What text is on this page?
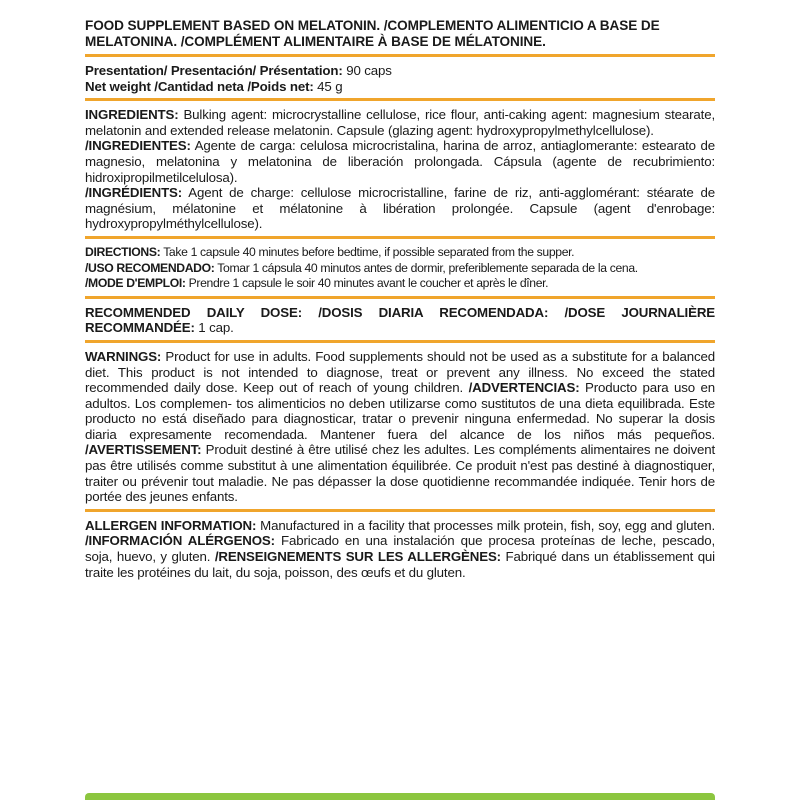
FOOD SUPPLEMENT BASED ON MELATONIN. /COMPLEMENTO ALIMENTICIO A BASE DE MELATONINA. /COMPLÉMENT ALIMENTAIRE À BASE DE MÉLATONINE.

Presentation/ Presentación/ Présentation: 90 caps

Net weight /Cantidad neta /Poids net: 45 g

INGREDIENTS: Bulking agent: microcrystalline cellulose, rice flour, anti-caking agent: magnesium stearate, melatonin and extended release melatonin. Capsule (glazing agent: hydroxypropylmethylcellulose).

/INGREDIENTES: Agente de carga: celulosa microcristalina, harina de arroz, antiaglomerante: estearato de magnesio, melatonina y melatonina de liberación prolongada. Cápsula (agente de recubrimiento: hidroxipropilmetilcelulosa).

/INGRÉDIENTS: Agent de charge: cellulose microcristalline, farine de riz, anti-agglomérant: stéarate de magnésium, mélatonine et mélatonine à libération prolongée. Capsule (agent d'enrobage: hydroxypropylméthylcellulose).

DIRECTIONS: Take 1 capsule 40 minutes before bedtime, if possible separated from the supper.

/USO RECOMENDADO: Tomar 1 cápsula 40 minutos antes de dormir, preferiblemente separada de la cena.

/MODE D'EMPLOI: Prendre 1 capsule le soir 40 minutes avant le coucher et après le dîner.

RECOMMENDED DAILY DOSE: /DOSIS DIARIA RECOMENDADA: /DOSE JOURNALIÈRE RECOMMANDÉE: 1 cap.

WARNINGS: Product for use in adults. Food supplements should not be used as a substitute for a balanced diet. This product is not intended to diagnose, treat or prevent any illness. No exceed the stated recommended daily dose. Keep out of reach of young children. /ADVERTENCIAS: Producto para uso en adultos. Los complemen- tos alimenticios no deben utilizarse como sustitutos de una dieta equilibrada. Este producto no está diseñado para diagnosticar, tratar o prevenir ninguna enfermedad. No superar la dosis diaria expresamente recomendada. Mantener fuera del alcance de los niños más pequeños. /AVERTISSEMENT: Produit destiné à être utilisé chez les adultes. Les compléments alimentaires ne doivent pas être utilisés comme substitut à une alimentation équilibrée. Ce produit n'est pas destiné à diagnostiquer, traiter ou prévenir tout maladie. Ne pas dépasser la dose quotidienne recommandée indiquée. Tenir hors de portée des jeunes enfants.

ALLERGEN INFORMATION: Manufactured in a facility that processes milk protein, fish, soy, egg and gluten. /INFORMACIÓN ALÉRGENOS: Fabricado en una instalación que procesa proteínas de leche, pescado, soja, huevo, y gluten. /RENSEIGNEMENTS SUR LES ALLERGÈNES: Fabriqué dans un établissement qui traite les protéines du lait, du soja, poisson, des œufs et du gluten.
